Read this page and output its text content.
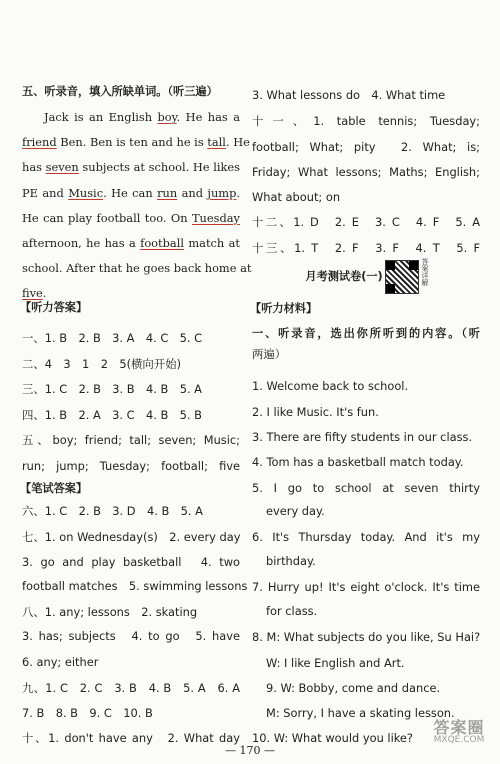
五、听录音，填入所缺单词。（听三遍）
Jack is an English boy. He has a
friend Ben. Ben is ten and he is tall. He
has seven subjects at school. He likes
PE and Music. He can run and jump.
He can play football too. On Tuesday
afternoon, he has a football match at
school. After that he goes back home at
five.
【听力答案】
一、1. B　2. B　3. A　4. C　5. C
二、4　3　1　2　5(横向开始)
三、1. C　2. B　3. B　4. B　5. A
四、1. B　2. A　3. C　4. B　5. B
五、boy; friend; tall; seven; Music;
run; jump; Tuesday; football; five
【笔试答案】
六、1. C　2. B　3. D　4. B　5. A
七、1. on Wednesday(s)　2. every day
3. go and play basketball　4. two
football matches　5. swimming lessons
八、1. any; lessons　2. skating
3. has; subjects　4. to go　5. have
6. any; either
九、1. C　2. C　3. B　4. B　5. A　6. A
7. B　8. B　9. C　10. B
十、1. don't have any　2. What day
3. What lessons do　4. What time
十一、1. table tennis; Tuesday;
football; What; pity　2. What; is;
Friday; What lessons; Maths; English;
What about; on
十二、1. D　2. E　3. C　4. F　5. A
十三、1. T　2. F　3. F　4. T　5. F
月考测试卷(一)
【听力材料】
一、听录音，选出你所听到的内容。（听
两遍）
1. Welcome back to school.
2. I like Music. It's fun.
3. There are fifty students in our class.
4. Tom has a basketball match today.
5. I go to school at seven thirty
every day.
6. It's Thursday today. And it's my
birthday.
7. Hurry up! It's eight o'clock. It's time
for class.
8. M: What subjects do you like, Su Hai?
W: I like English and Art.
9. W: Bobby, come and dance.
M: Sorry, I have a skating lesson.
10. W: What would you like?
答案详解
— 170 —
答案圈
MXQE.COM
